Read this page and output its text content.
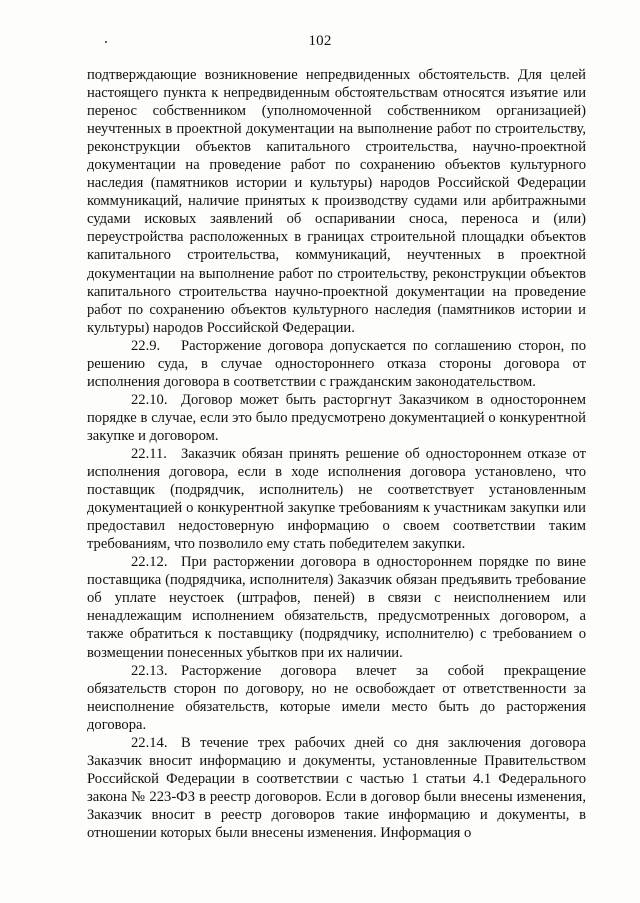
102

подтверждающие возникновение непредвиденных обстоятельств. Для целей настоящего пункта к непредвиденным обстоятельствам относятся изъятие или перенос собственником (уполномоченной собственником организацией) неучтенных в проектной документации на выполнение работ по строительству, реконструкции объектов капитального строительства, научно-проектной документации на проведение работ по сохранению объектов культурного наследия (памятников истории и культуры) народов Российской Федерации коммуникаций, наличие принятых к производству судами или арбитражными судами исковых заявлений об оспаривании сноса, переноса и (или) переустройства расположенных в границах строительной площадки объектов капитального строительства, коммуникаций, неучтенных в проектной документации на выполнение работ по строительству, реконструкции объектов капитального строительства научно-проектной документации на проведение работ по сохранению объектов культурного наследия (памятников истории и культуры) народов Российской Федерации.

22.9. Расторжение договора допускается по соглашению сторон, по решению суда, в случае одностороннего отказа стороны договора от исполнения договора в соответствии с гражданским законодательством.

22.10. Договор может быть расторгнут Заказчиком в одностороннем порядке в случае, если это было предусмотрено документацией о конкурентной закупке и договором.

22.11. Заказчик обязан принять решение об одностороннем отказе от исполнения договора, если в ходе исполнения договора установлено, что поставщик (подрядчик, исполнитель) не соответствует установленным документацией о конкурентной закупке требованиям к участникам закупки или предоставил недостоверную информацию о своем соответствии таким требованиям, что позволило ему стать победителем закупки.

22.12. При расторжении договора в одностороннем порядке по вине поставщика (подрядчика, исполнителя) Заказчик обязан предъявить требование об уплате неустоек (штрафов, пеней) в связи с неисполнением или ненадлежащим исполнением обязательств, предусмотренных договором, а также обратиться к поставщику (подрядчику, исполнителю) с требованием о возмещении понесенных убытков при их наличии.

22.13. Расторжение договора влечет за собой прекращение обязательств сторон по договору, но не освобождает от ответственности за неисполнение обязательств, которые имели место быть до расторжения договора.

22.14. В течение трех рабочих дней со дня заключения договора Заказчик вносит информацию и документы, установленные Правительством Российской Федерации в соответствии с частью 1 статьи 4.1 Федерального закона № 223-ФЗ в реестр договоров. Если в договор были внесены изменения, Заказчик вносит в реестр договоров такие информацию и документы, в отношении которых были внесены изменения. Информация о
